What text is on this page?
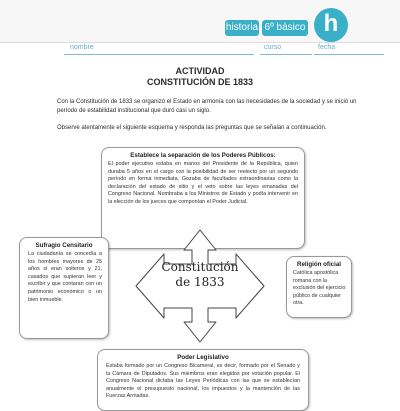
historia 6º básico h
nombre	curso	fecha
ACTIVIDAD
CONSTITUCIÓN DE 1833
Con la Constitución de 1833 se organizó el Estado en armonía con las necesidades de la sociedad y se inició un período de estabilidad institucional que duró casi un siglo.
Observe atentamente el siguiente esquema y responda las preguntas que se señalan a continuación.
Establece la separación de los Poderes Públicos:
El poder ejecutivo estaba en manos del Presidente de la República, quien duraba 5 años en el cargo con la posibilidad de ser reelecto por un segundo período en forma inmediata. Gozaba de facultades extraordinarias como la declaración del estado de sitio y el veto sobre las leyes emanadas del Congreso Nacional. Nombraba a los Ministros de Estado y podía intervenir en la elección de los jueces que componían el Poder Judicial.
Sufragio Censitario
La ciudadanía se concedía a los hombres mayores de 25 años si eran solteros y 21, casados que supieran leer y escribir y que contaran con un patrimonio económico o un bien inmueble.
Religión oficial
Católica apostólica romana con la exclusión del ejercicio público de cualquier otra.
Poder Legislativo
Estaba formado por un Congreso Bicameral, es decir, formado por el Senado y la Cámara de Diputados. Sus miembros eran elegidos por votación popular. El Congreso Nacional dictaba las Leyes Periódicas con las que se establecían anualmente el presupuesto nacional, los impuestos y la mantención de las Fuerzas Armadas.
Constitución de 1833
